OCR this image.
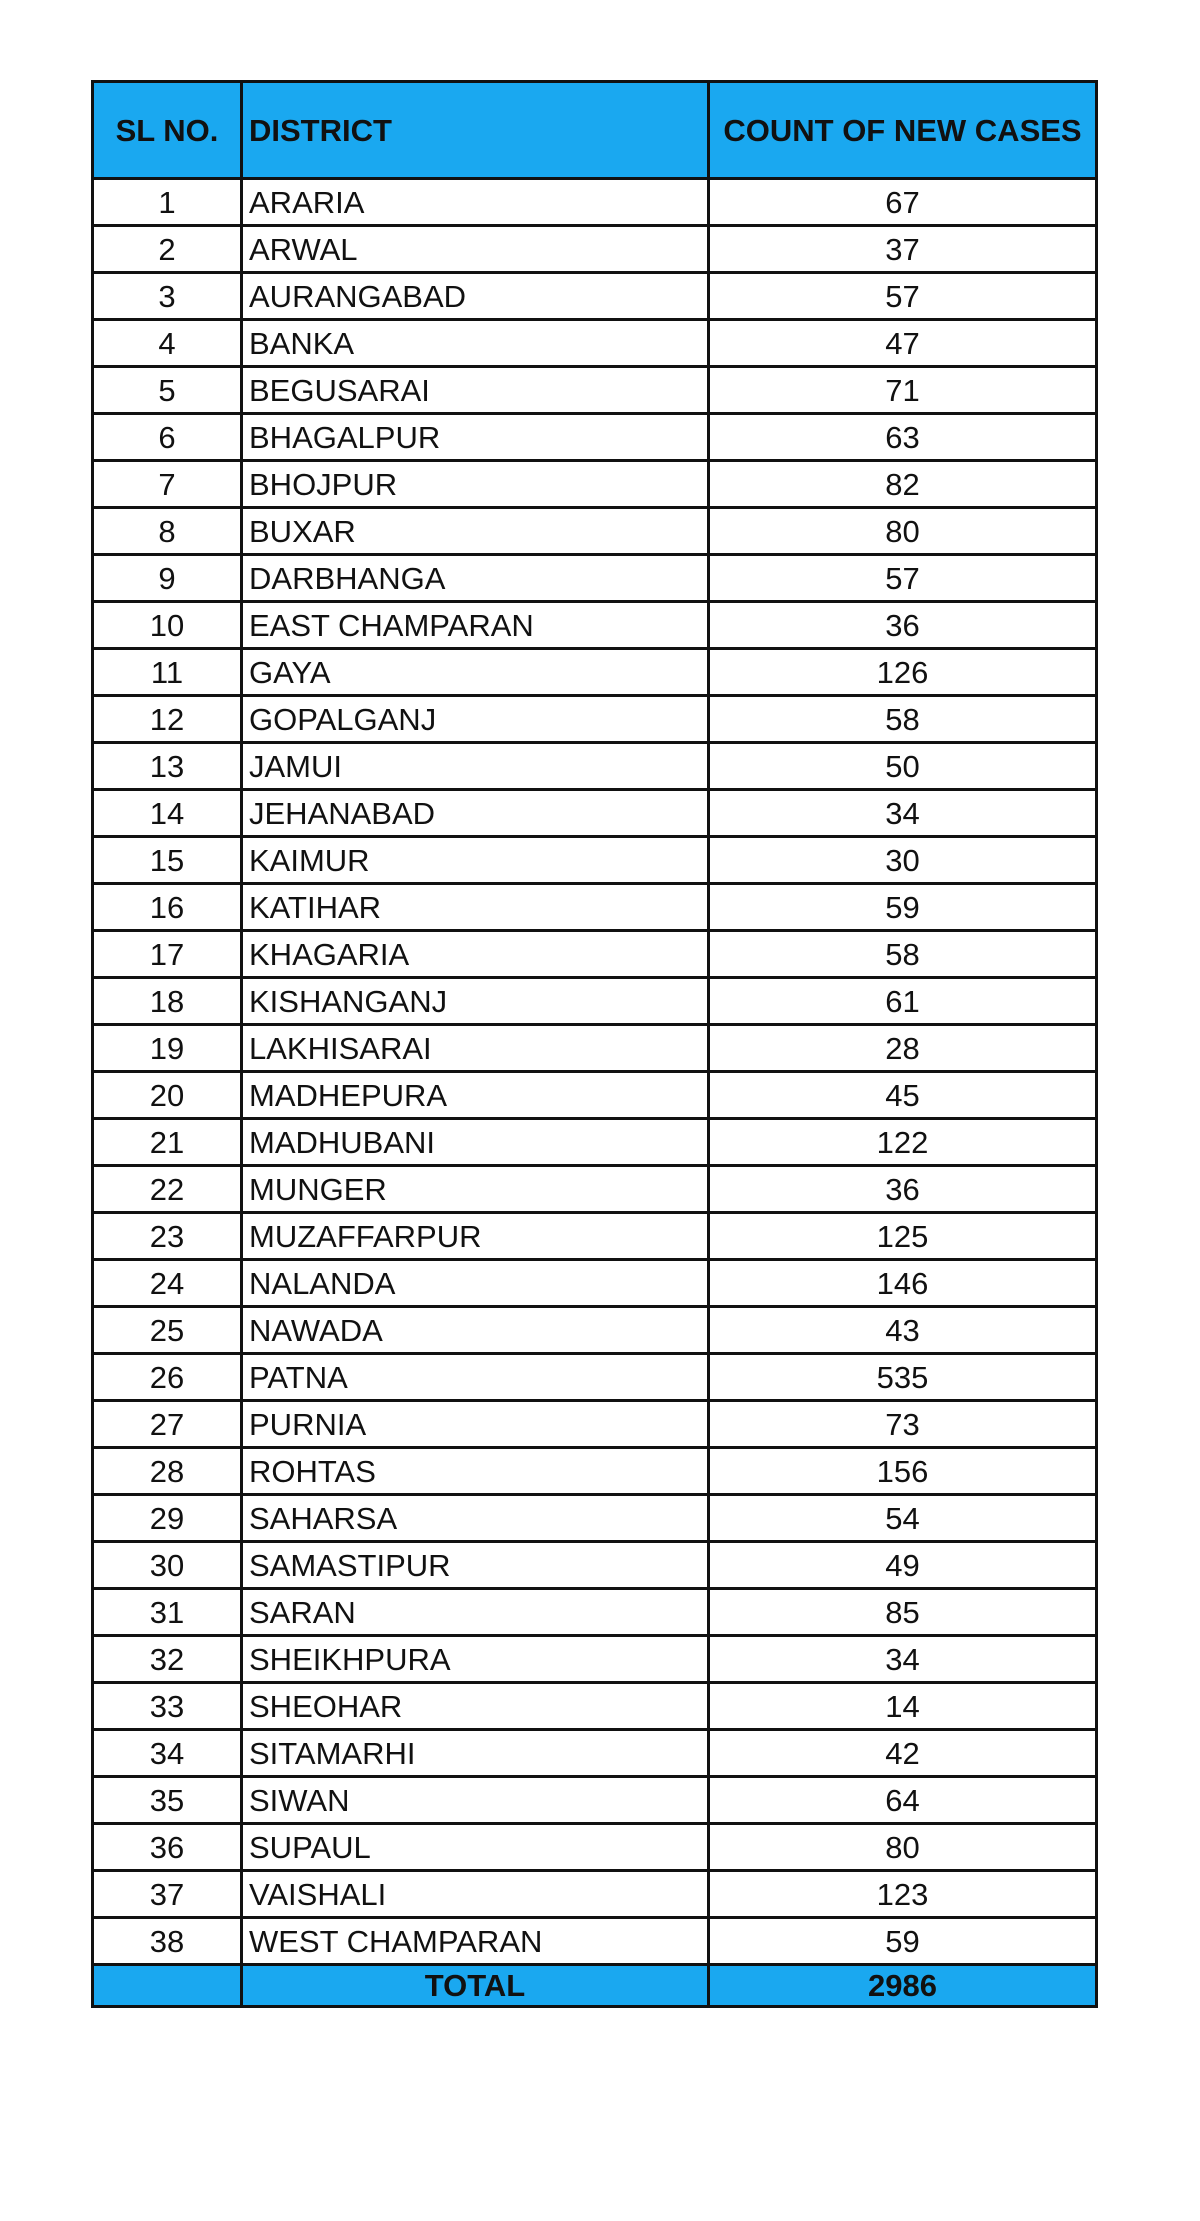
SL NO.	DISTRICT	COUNT OF NEW CASES
1	ARARIA	67
2	ARWAL	37
3	AURANGABAD	57
4	BANKA	47
5	BEGUSARAI	71
6	BHAGALPUR	63
7	BHOJPUR	82
8	BUXAR	80
9	DARBHANGA	57
10	EAST CHAMPARAN	36
11	GAYA	126
12	GOPALGANJ	58
13	JAMUI	50
14	JEHANABAD	34
15	KAIMUR	30
16	KATIHAR	59
17	KHAGARIA	58
18	KISHANGANJ	61
19	LAKHISARAI	28
20	MADHEPURA	45
21	MADHUBANI	122
22	MUNGER	36
23	MUZAFFARPUR	125
24	NALANDA	146
25	NAWADA	43
26	PATNA	535
27	PURNIA	73
28	ROHTAS	156
29	SAHARSA	54
30	SAMASTIPUR	49
31	SARAN	85
32	SHEIKHPURA	34
33	SHEOHAR	14
34	SITAMARHI	42
35	SIWAN	64
36	SUPAUL	80
37	VAISHALI	123
38	WEST CHAMPARAN	59
	TOTAL	2986
